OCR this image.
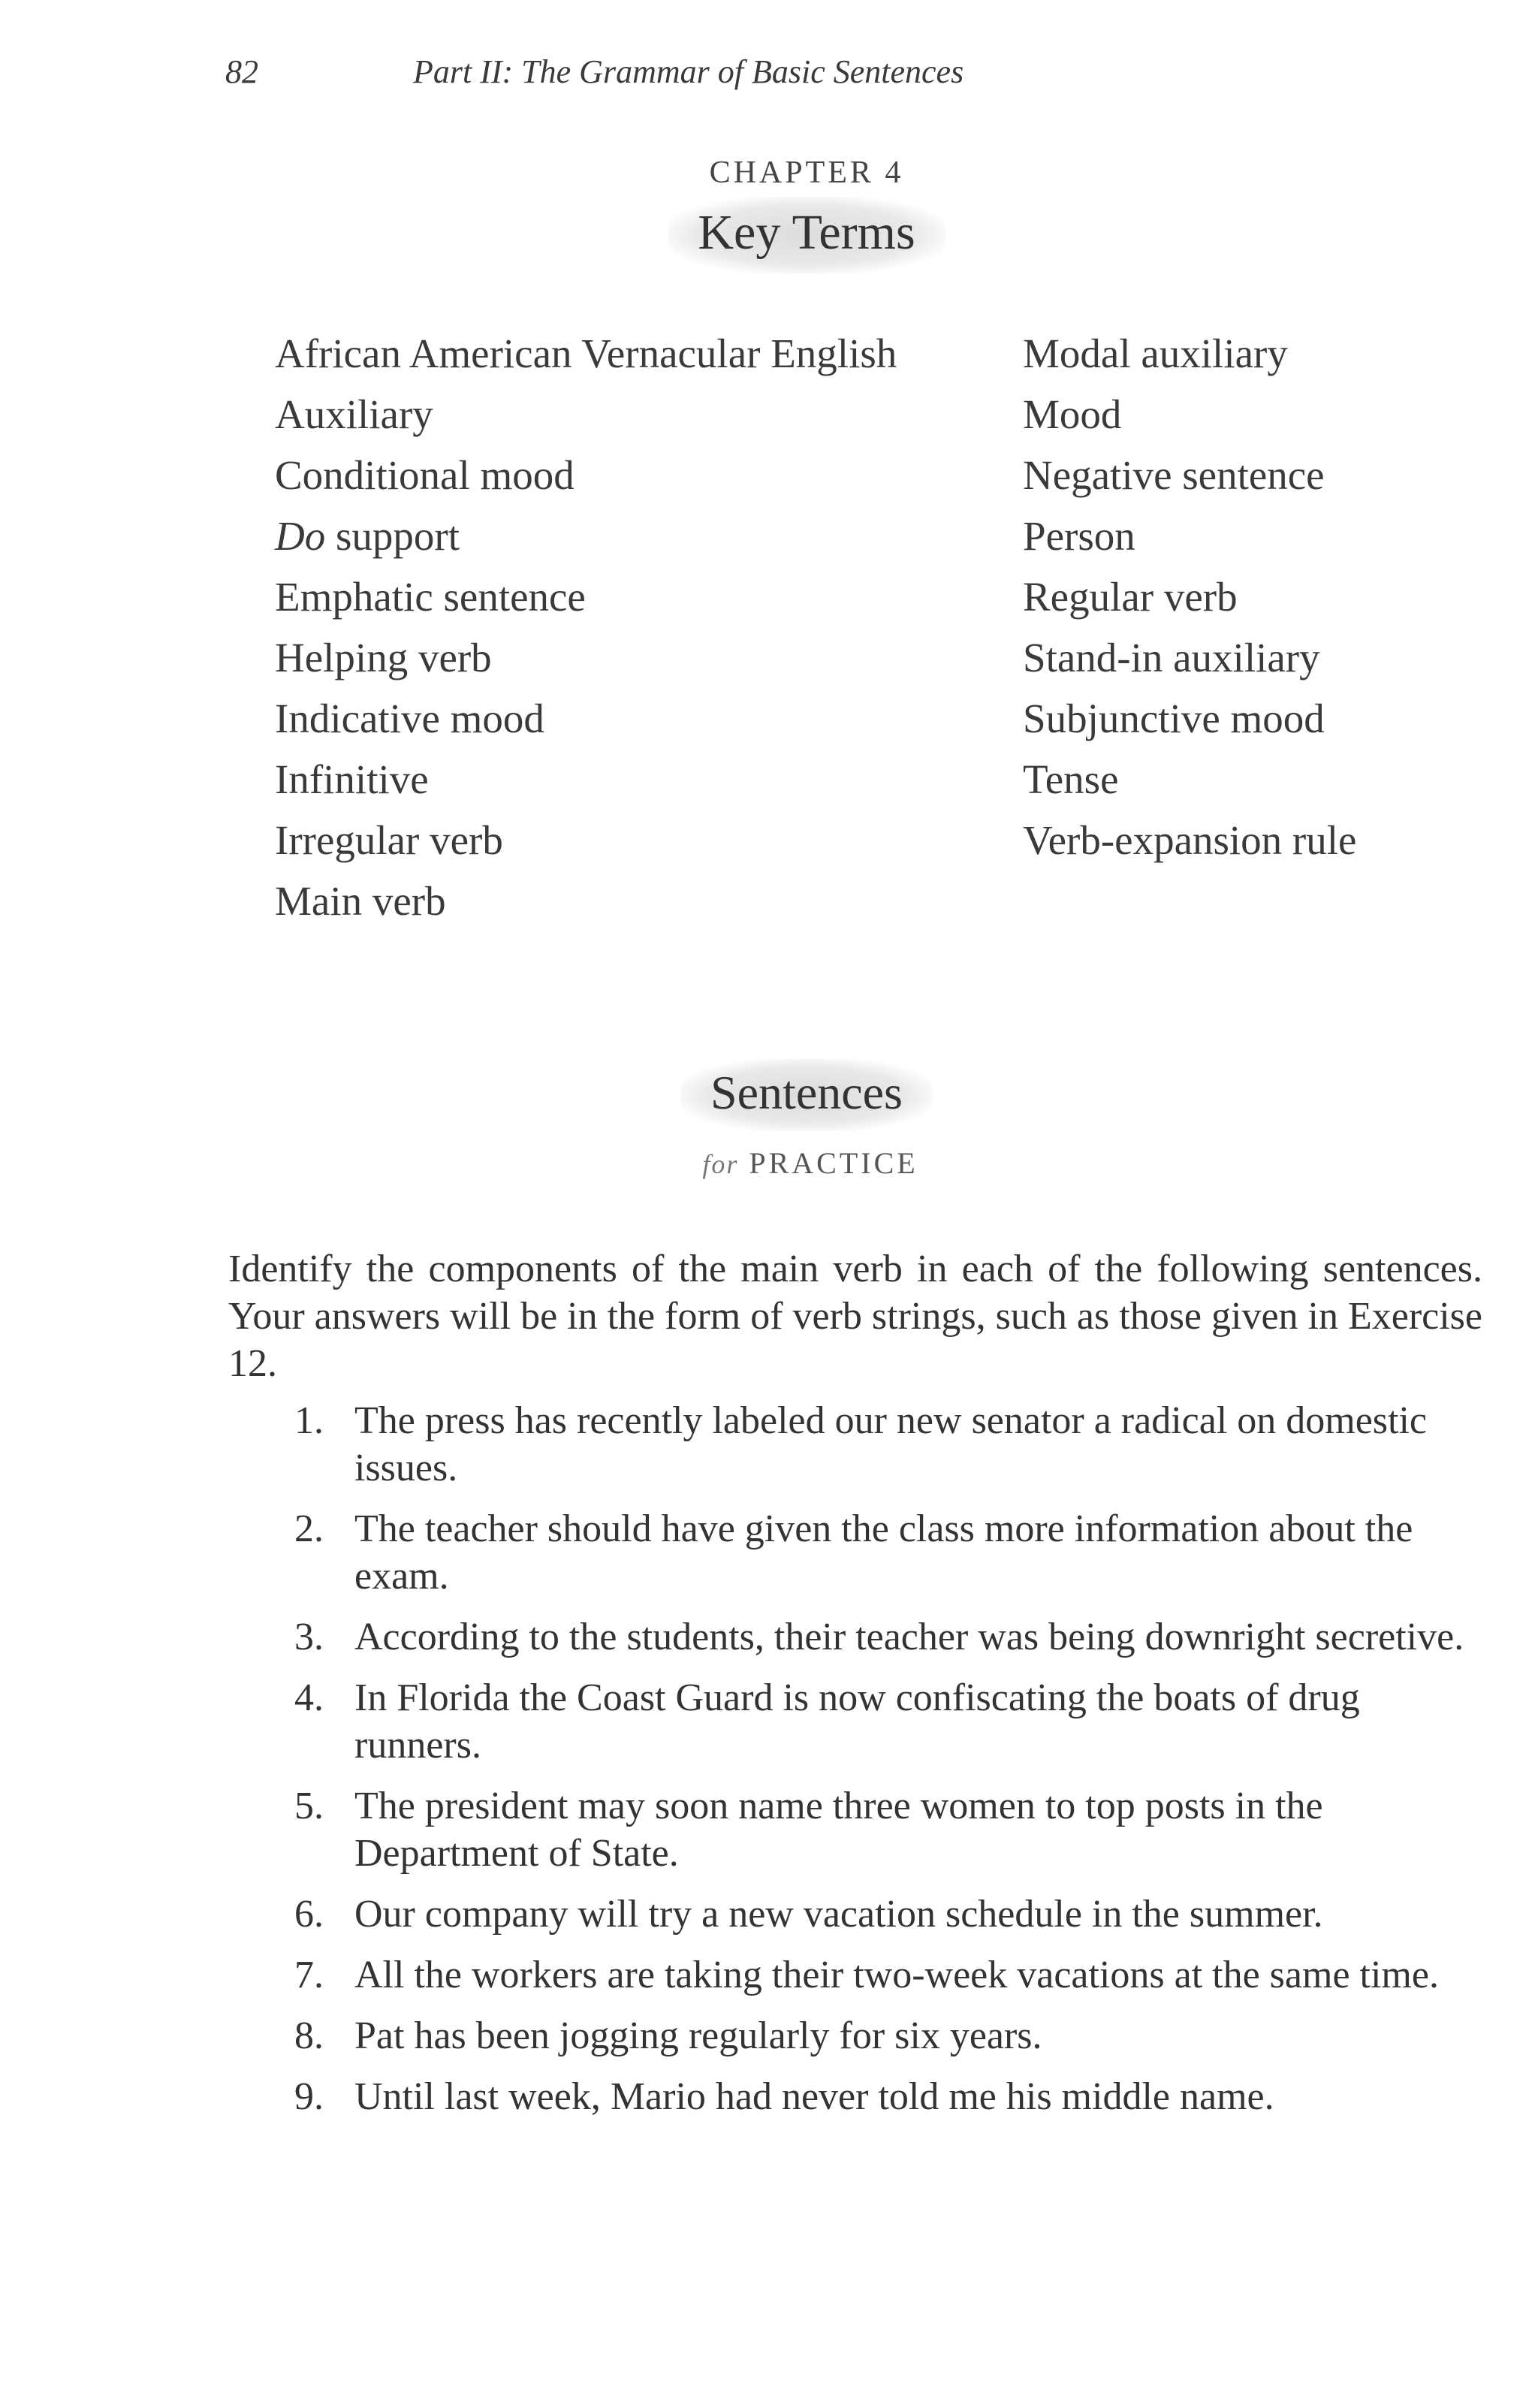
82	Part II: The Grammar of Basic Sentences
CHAPTER 4
Key Terms
African American Vernacular English
Auxiliary
Conditional mood
Do support
Emphatic sentence
Helping verb
Indicative mood
Infinitive
Irregular verb
Main verb
Modal auxiliary
Mood
Negative sentence
Person
Regular verb
Stand-in auxiliary
Subjunctive mood
Tense
Verb-expansion rule
Sentences
for PRACTICE

Identify the components of the main verb in each of the following sentences. Your answers will be in the form of verb strings, such as those given in Exercise 12.

1. The press has recently labeled our new senator a radical on domestic issues.
2. The teacher should have given the class more information about the exam.
3. According to the students, their teacher was being downright secretive.
4. In Florida the Coast Guard is now confiscating the boats of drug runners.
5. The president may soon name three women to top posts in the Department of State.
6. Our company will try a new vacation schedule in the summer.
7. All the workers are taking their two-week vacations at the same time.
8. Pat has been jogging regularly for six years.
9. Until last week, Mario had never told me his middle name.
